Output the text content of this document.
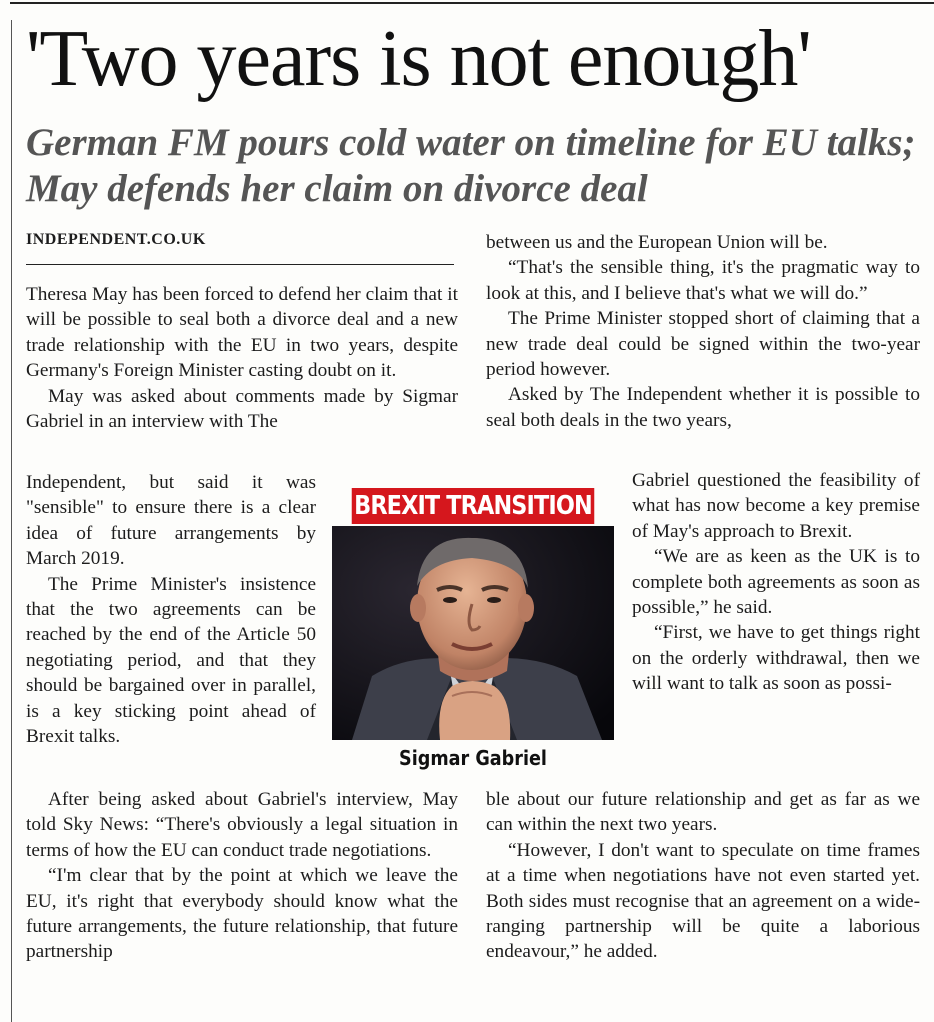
'Two years is not enough'
German FM pours cold water on timeline for EU talks; May defends her claim on divorce deal
INDEPENDENT.CO.UK

Theresa May has been forced to defend her claim that it will be possible to seal both a divorce deal and a new trade relationship with the EU in two years, despite Germany's Foreign Minister casting doubt on it.

May was asked about comments made by Sigmar Gabriel in an interview with The

Independent, but said it was "sensible" to ensure there is a clear idea of future arrangements by March 2019.

The Prime Minister's insistence that the two agreements can be reached by the end of the Article 50 negotiating period, and that they should be bargained over in parallel, is a key sticking point ahead of Brexit talks.

After being asked about Gabriel's interview, May told Sky News: “There's obviously a legal situation in terms of how the EU can conduct trade negotiations.

“I'm clear that by the point at which we leave the EU, it's right that everybody should know what the future arrangements, the future relationship, that future partnership

between us and the European Union will be.

“That's the sensible thing, it's the pragmatic way to look at this, and I believe that's what we will do.”

The Prime Minister stopped short of claiming that a new trade deal could be signed within the two-year period however.

Asked by The Independent whether it is possible to seal both deals in the two years,

Gabriel questioned the feasibility of what has now become a key premise of May's approach to Brexit.

“We are as keen as the UK is to complete both agreements as soon as possible,” he said.

“First, we have to get things right on the orderly withdrawal, then we will want to talk as soon as possi-

ble about our future relationship and get as far as we can within the next two years.

“However, I don't want to speculate on time frames at a time when negotiations have not even started yet. Both sides must recognise that an agreement on a wide-ranging partnership will be quite a laborious endeavour,” he added.

BREXIT TRANSITION
Sigmar Gabriel
